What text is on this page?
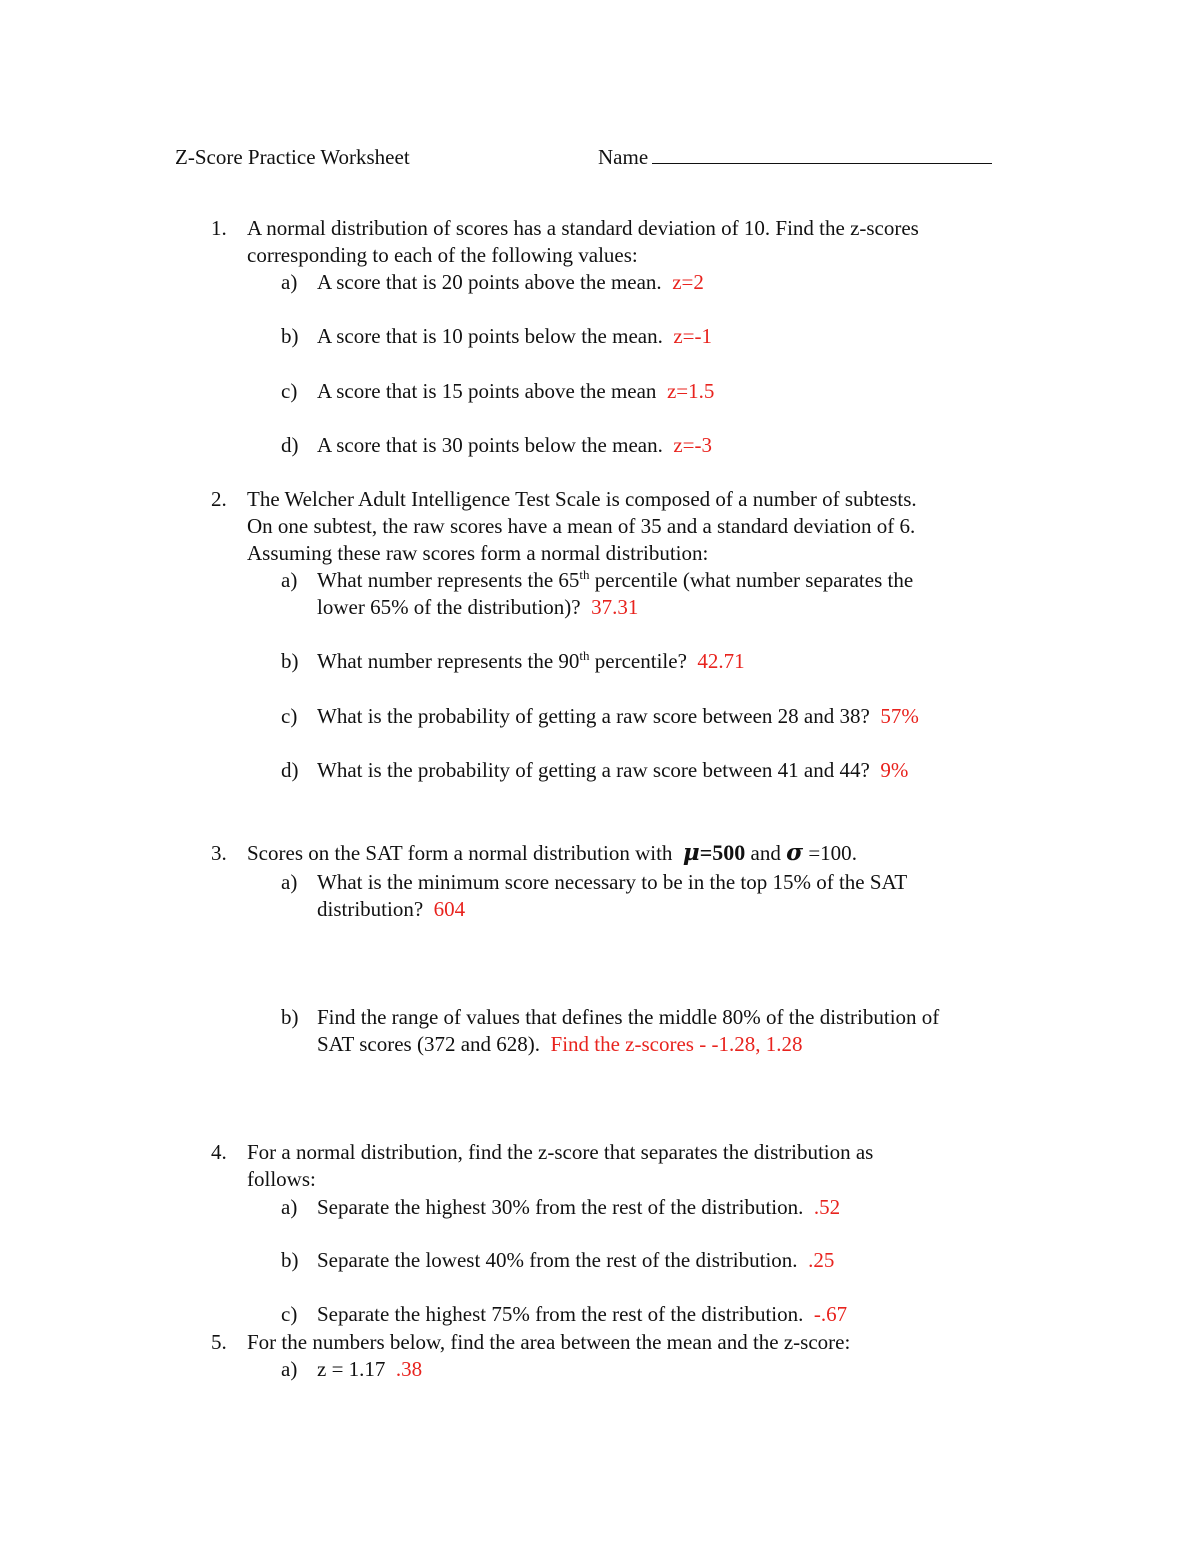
Z-Score Practice Worksheet	Name
1. A normal distribution of scores has a standard deviation of 10. Find the z-scores
corresponding to each of the following values:
a) A score that is 20 points above the mean. z=2
b) A score that is 10 points below the mean. z=-1
c) A score that is 15 points above the mean z=1.5
d) A score that is 30 points below the mean. z=-3
2. The Welcher Adult Intelligence Test Scale is composed of a number of subtests.
On one subtest, the raw scores have a mean of 35 and a standard deviation of 6.
Assuming these raw scores form a normal distribution:
a) What number represents the 65th percentile (what number separates the
lower 65% of the distribution)? 37.31
b) What number represents the 90th percentile? 42.71
c) What is the probability of getting a raw score between 28 and 38? 57%
d) What is the probability of getting a raw score between 41 and 44? 9%
3. Scores on the SAT form a normal distribution with μ=500 and σ =100.
a) What is the minimum score necessary to be in the top 15% of the SAT
distribution? 604
b) Find the range of values that defines the middle 80% of the distribution of
SAT scores (372 and 628). Find the z-scores - -1.28, 1.28
4. For a normal distribution, find the z-score that separates the distribution as
follows:
a) Separate the highest 30% from the rest of the distribution. .52
b) Separate the lowest 40% from the rest of the distribution. .25
c) Separate the highest 75% from the rest of the distribution. -.67
5. For the numbers below, find the area between the mean and the z-score:
a) z = 1.17 .38
